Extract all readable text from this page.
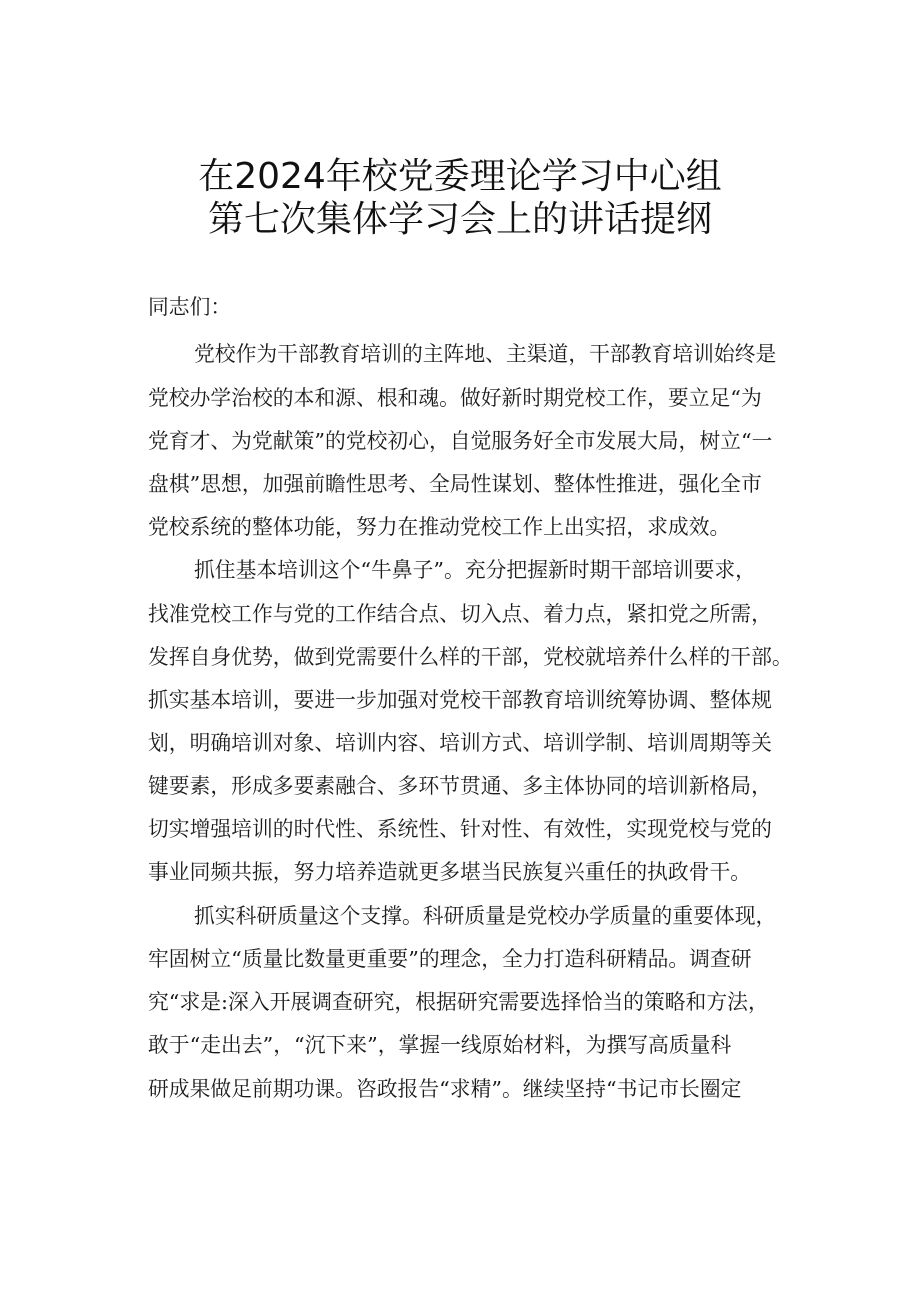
在2024年校党委理论学习中心组
第七次集体学习会上的讲话提纲
同志们：
党校作为干部教育培训的主阵地、主渠道，干部教育培训始终是
党校办学治校的本和源、根和魂。做好新时期党校工作，要立足“为
党育才、为党献策”的党校初心，自觉服务好全市发展大局，树立“一
盘棋”思想，加强前瞻性思考、全局性谋划、整体性推进，强化全市
党校系统的整体功能，努力在推动党校工作上出实招，求成效。
抓住基本培训这个“牛鼻子”。充分把握新时期干部培训要求，
找准党校工作与党的工作结合点、切入点、着力点，紧扣党之所需，
发挥自身优势，做到党需要什么样的干部，党校就培养什么样的干部。
抓实基本培训，要进一步加强对党校干部教育培训统筹协调、整体规
划，明确培训对象、培训内容、培训方式、培训学制、培训周期等关
键要素，形成多要素融合、多环节贯通、多主体协同的培训新格局，
切实增强培训的时代性、系统性、针对性、有效性，实现党校与党的
事业同频共振，努力培养造就更多堪当民族复兴重任的执政骨干。
抓实科研质量这个支撑。科研质量是党校办学质量的重要体现，
牢固树立“质量比数量更重要”的理念，全力打造科研精品。调查研
究“求是:深入开展调查研究，根据研究需要选择恰当的策略和方法，
敢于“走出去”，“沉下来”，掌握一线原始材料，为撰写高质量科
研成果做足前期功课。咨政报告“求精”。继续坚持“书记市长圈定
